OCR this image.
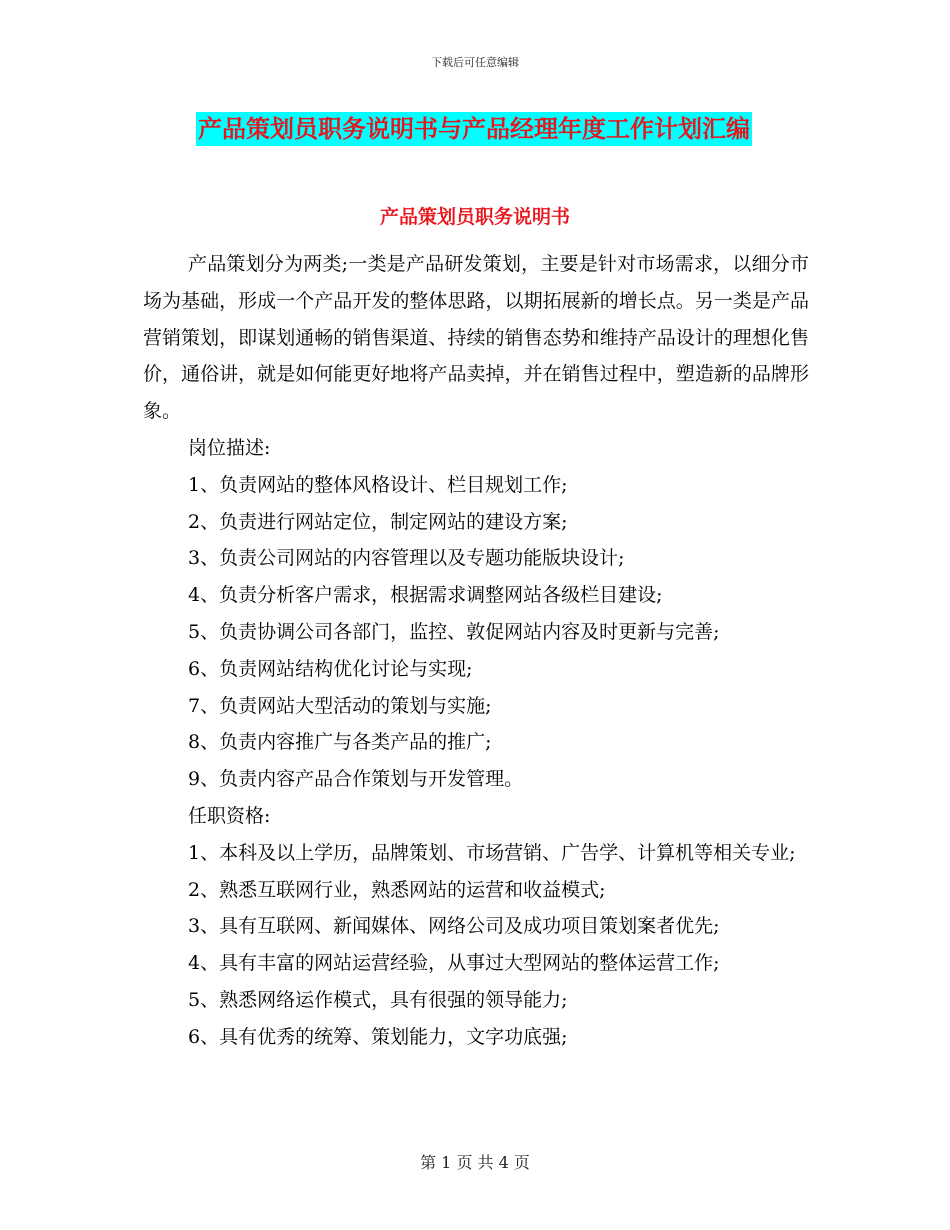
下载后可任意编辑
产品策划员职务说明书与产品经理年度工作计划汇编
产品策划员职务说明书

产品策划分为两类;一类是产品研发策划，主要是针对市场需求，以细分市场为基础，形成一个产品开发的整体思路，以期拓展新的增长点。另一类是产品营销策划，即谋划通畅的销售渠道、持续的销售态势和维持产品设计的理想化售价，通俗讲，就是如何能更好地将产品卖掉，并在销售过程中，塑造新的品牌形象。

岗位描述:

1、负责网站的整体风格设计、栏目规划工作;

2、负责进行网站定位，制定网站的建设方案;

3、负责公司网站的内容管理以及专题功能版块设计;

4、负责分析客户需求，根据需求调整网站各级栏目建设;

5、负责协调公司各部门，监控、敦促网站内容及时更新与完善;

6、负责网站结构优化讨论与实现;

7、负责网站大型活动的策划与实施;

8、负责内容推广与各类产品的推广;

9、负责内容产品合作策划与开发管理。

任职资格:

1、本科及以上学历，品牌策划、市场营销、广告学、计算机等相关专业;

2、熟悉互联网行业，熟悉网站的运营和收益模式;

3、具有互联网、新闻媒体、网络公司及成功项目策划案者优先;

4、具有丰富的网站运营经验，从事过大型网站的整体运营工作;

5、熟悉网络运作模式，具有很强的领导能力;

6、具有优秀的统筹、策划能力，文字功底强;

第 1 页 共 4 页
